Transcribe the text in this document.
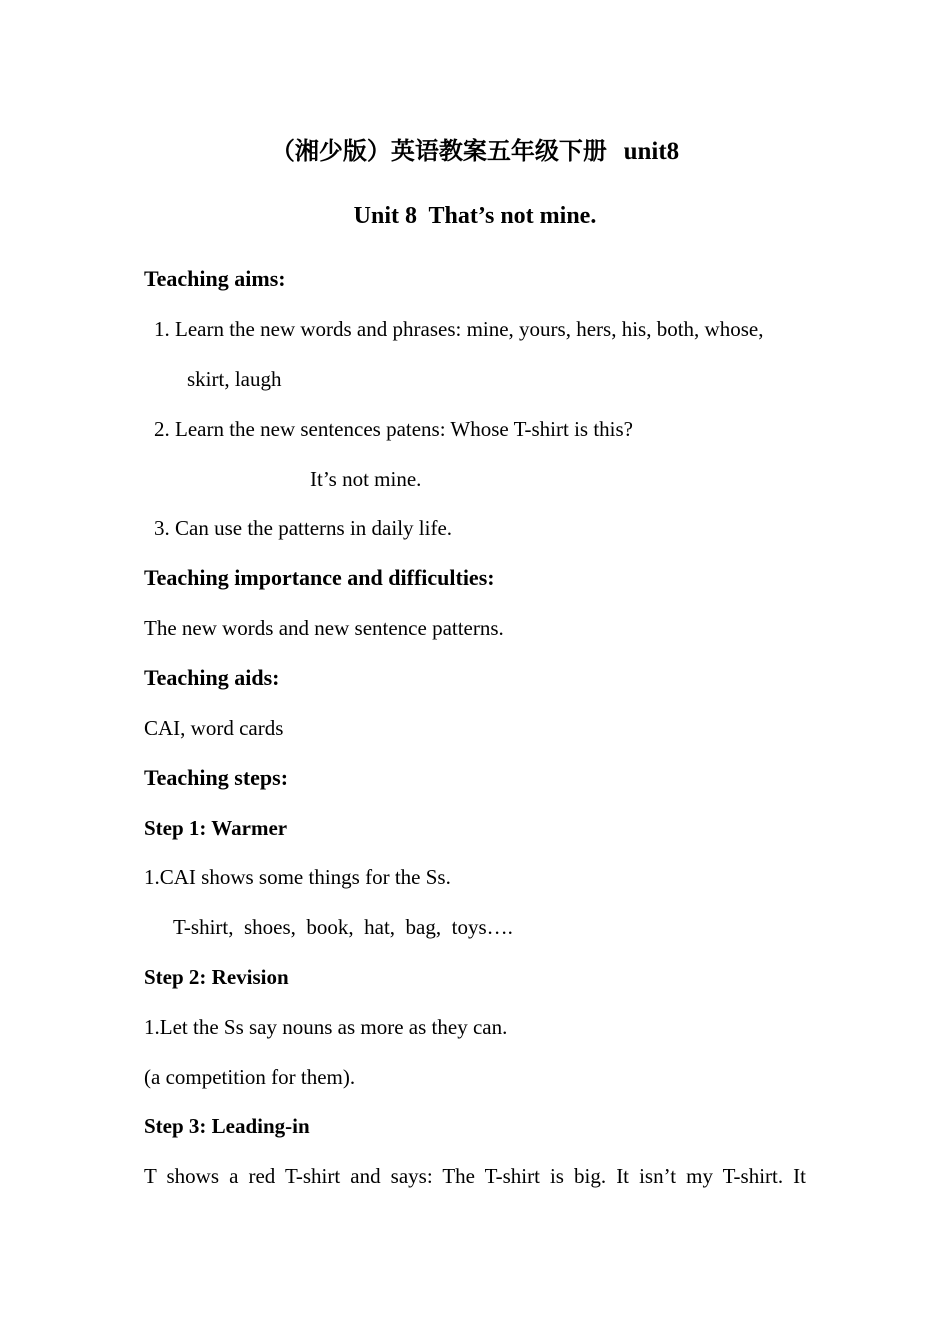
（湘少版）英语教案五年级下册 unit8
Unit 8  That’s not mine.
Teaching aims:
1. Learn the new words and phrases: mine, yours, hers, his, both, whose,
skirt, laugh
2. Learn the new sentences patens: Whose T-shirt is this?
It’s not mine.
3. Can use the patterns in daily life.
Teaching importance and difficulties:
The new words and new sentence patterns.
Teaching aids:
CAI, word cards
Teaching steps:
Step 1: Warmer
1.CAI shows some things for the Ss.
T-shirt,  shoes,  book,  hat,  bag,  toys….
Step 2: Revision
1.Let the Ss say nouns as more as they can.
(a competition for them).
Step 3: Leading-in
T shows a red T-shirt and says: The T-shirt is big. It isn’t my T-shirt. It
